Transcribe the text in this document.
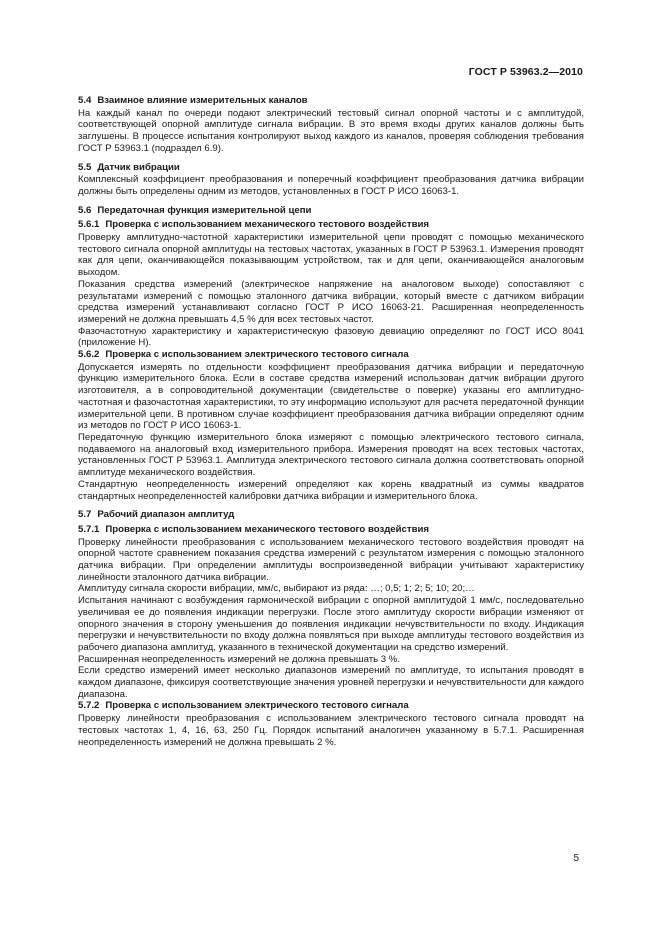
ГОСТ Р 53963.2—2010
5.4 Взаимное влияние измерительных каналов

На каждый канал по очереди подают электрический тестовый сигнал опорной частоты и с амплитудой, соответствующей опорной амплитуде сигнала вибрации. В это время входы других каналов должны быть заглушены. В процессе испытания контролируют выход каждого из каналов, проверяя соблюдения требования ГОСТ Р 53963.1 (подраздел 6.9).

5.5 Датчик вибрации

Комплексный коэффициент преобразования и поперечный коэффициент преобразования датчика вибрации должны быть определены одним из методов, установленных в ГОСТ Р ИСО 16063-1.

5.6 Передаточная функция измерительной цепи
5.6.1 Проверка с использованием механического тестового воздействия

Проверку амплитудно-частотной характеристики измерительной цепи проводят с помощью механического тестового сигнала опорной амплитуды на тестовых частотах, указанных в ГОСТ Р 53963.1. Измерения проводят как для цепи, оканчивающейся показывающим устройством, так и для цепи, оканчивающейся аналоговым выходом.

Показания средства измерений (электрическое напряжение на аналоговом выходе) сопоставляют с результатами измерений с помощью эталонного датчика вибрации, который вместе с датчиком вибрации средства измерений устанавливают согласно ГОСТ Р ИСО 16063-21. Расширенная неопределенность измерений не должна превышать 4,5 % для всех тестовых частот.

Фазочастотную характеристику и характеристическую фазовую девиацию определяют по ГОСТ ИСО 8041 (приложение Н).

5.6.2 Проверка с использованием электрического тестового сигнала

Допускается измерять по отдельности коэффициент преобразования датчика вибрации и передаточную функцию измерительного блока. Если в составе средства измерений использован датчик вибрации другого изготовителя, а в сопроводительной документации (свидетельстве о поверке) указаны его амплитудно-частотная и фазочастотная характеристики, то эту информацию используют для расчета передаточной функции измерительной цепи. В противном случае коэффициент преобразования датчика вибрации определяют одним из методов по ГОСТ Р ИСО 16063-1.

Передаточную функцию измерительного блока измеряют с помощью электрического тестового сигнала, подаваемого на аналоговый вход измерительного прибора. Измерения проводят на всех тестовых частотах, установленных ГОСТ Р 53963.1. Амплитуда электрического тестового сигнала должна соответствовать опорной амплитуде механического воздействия.

Стандартную неопределенность измерений определяют как корень квадратный из суммы квадратов стандартных неопределенностей калибровки датчика вибрации и измерительного блока.

5.7 Рабочий диапазон амплитуд
5.7.1 Проверка с использованием механического тестового воздействия

Проверку линейности преобразования с использованием механического тестового воздействия проводят на опорной частоте сравнением показания средства измерений с результатом измерения с помощью эталонного датчика вибрации. При определении амплитуды воспроизведенной вибрации учитывают характеристику линейности эталонного датчика вибрации.

Амплитуду сигнала скорости вибрации, мм/с, выбирают из ряда: …; 0,5; 1; 2; 5; 10; 20;…

Испытания начинают с возбуждения гармонической вибрации с опорной амплитудой 1 мм/с, последовательно увеличивая ее до появления индикации перегрузки. После этого амплитуду скорости вибрации изменяют от опорного значения в сторону уменьшения до появления индикации нечувствительности по входу. Индикация перегрузки и нечувствительности по входу должна появляться при выходе амплитуды тестового воздействия из рабочего диапазона амплитуд, указанного в технической документации на средство измерений.

Расширенная неопределенность измерений не должна превышать 3 %.

Если средство измерений имеет несколько диапазонов измерений по амплитуде, то испытания проводят в каждом диапазоне, фиксируя соответствующие значения уровней перегрузки и нечувствительности для каждого диапазона.

5.7.2 Проверка с использованием электрического тестового сигнала

Проверку линейности преобразования с использованием электрического тестового сигнала проводят на тестовых частотах 1, 4, 16, 63, 250 Гц. Порядок испытаний аналогичен указанному в 5.7.1. Расширенная неопределенность измерений не должна превышать 2 %.

5
